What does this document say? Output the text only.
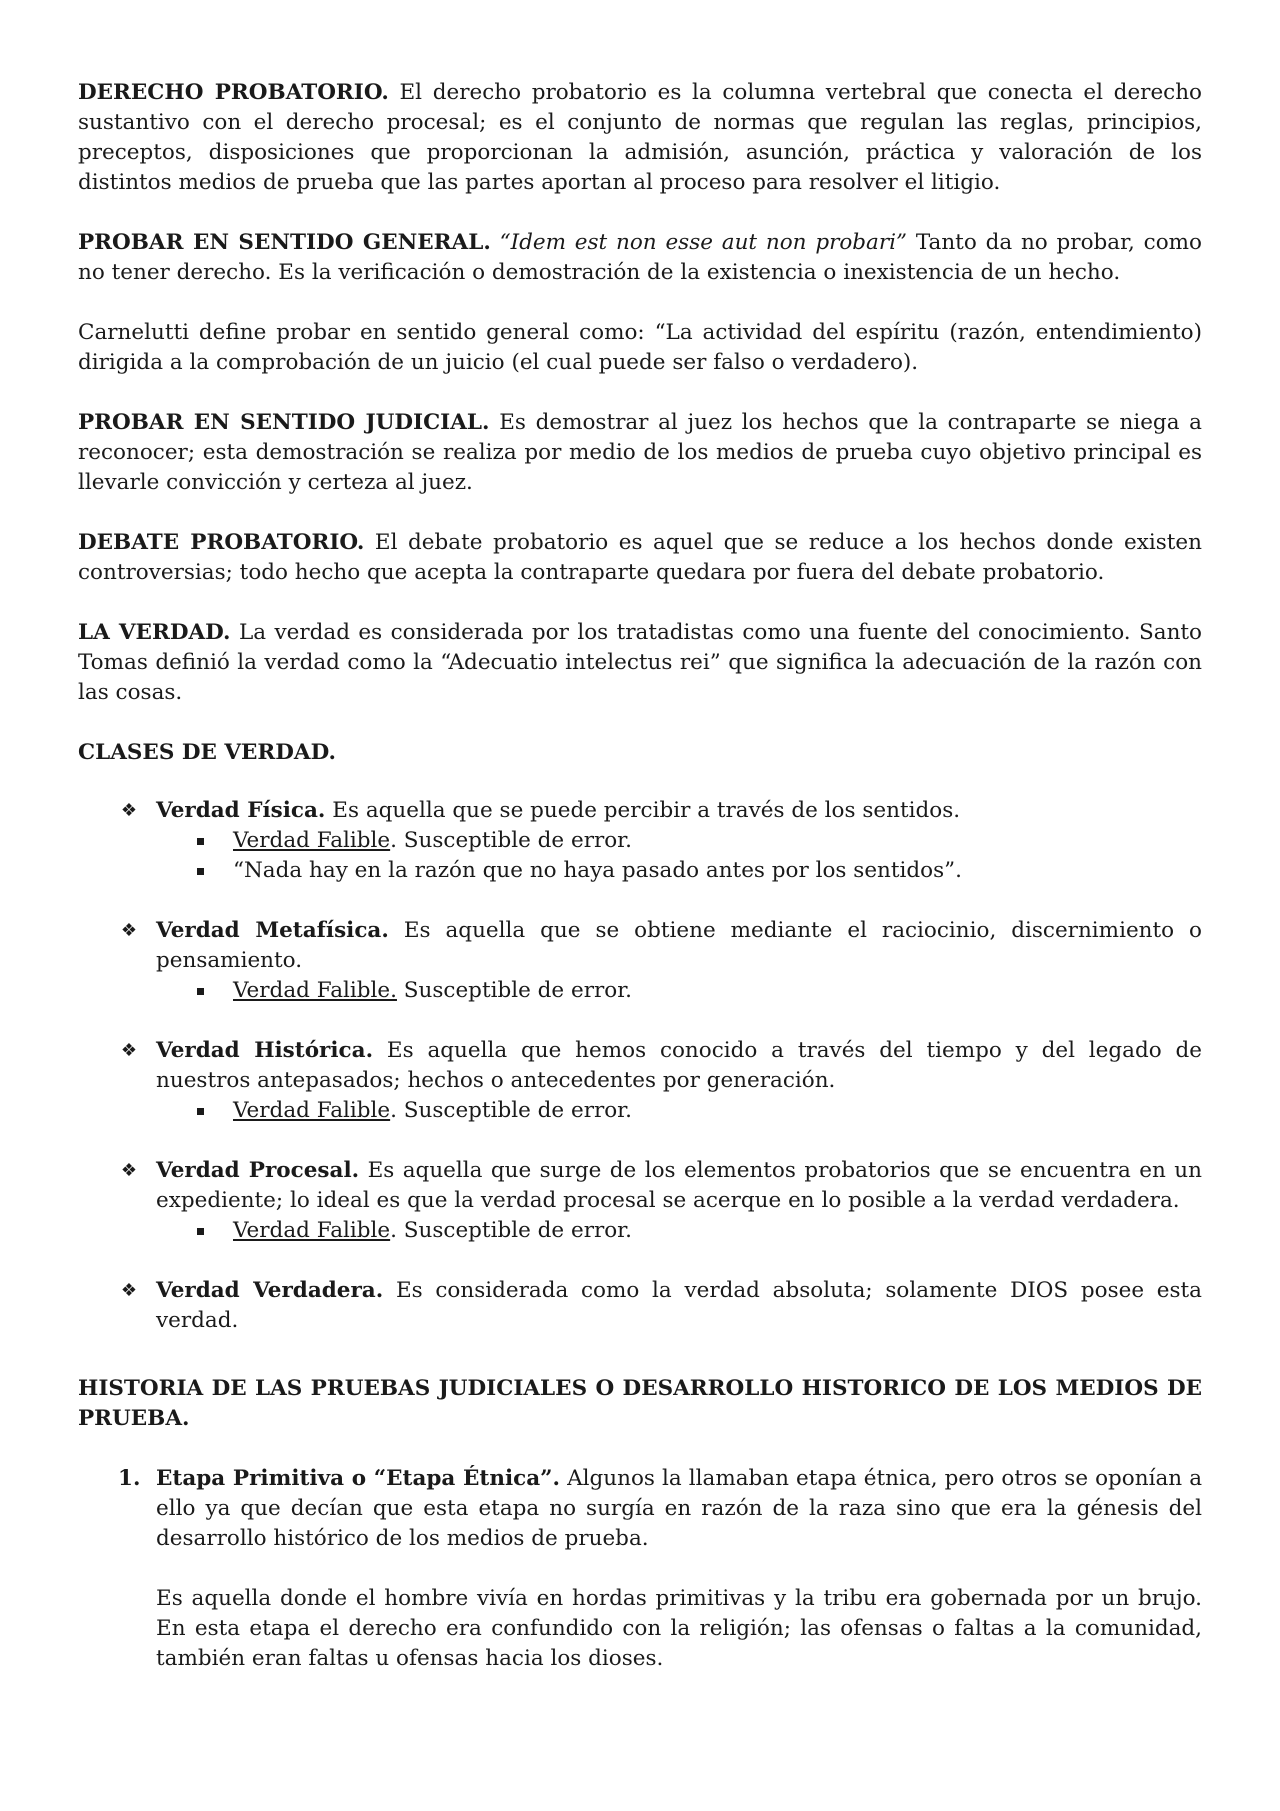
DERECHO PROBATORIO. El derecho probatorio es la columna vertebral que conecta el derecho sustantivo con el derecho procesal; es el conjunto de normas que regulan las reglas, principios, preceptos, disposiciones que proporcionan la admisión, asunción, práctica y valoración de los distintos medios de prueba que las partes aportan al proceso para resolver el litigio.

PROBAR EN SENTIDO GENERAL. “Idem est non esse aut non probari” Tanto da no probar, como no tener derecho. Es la verificación o demostración de la existencia o inexistencia de un hecho.

Carnelutti define probar en sentido general como: “La actividad del espíritu (razón, entendimiento) dirigida a la comprobación de un juicio (el cual puede ser falso o verdadero).

PROBAR EN SENTIDO JUDICIAL. Es demostrar al juez los hechos que la contraparte se niega a reconocer; esta demostración se realiza por medio de los medios de prueba cuyo objetivo principal es llevarle convicción y certeza al juez.

DEBATE PROBATORIO. El debate probatorio es aquel que se reduce a los hechos donde existen controversias; todo hecho que acepta la contraparte quedara por fuera del debate probatorio.

LA VERDAD. La verdad es considerada por los tratadistas como una fuente del conocimiento. Santo Tomas definió la verdad como la “Adecuatio intelectus rei” que significa la adecuación de la razón con las cosas.

CLASES DE VERDAD.

❖ Verdad Física. Es aquella que se puede percibir a través de los sentidos.

Verdad Falible. Susceptible de error.
“Nada hay en la razón que no haya pasado antes por los sentidos”.
❖ Verdad Metafísica. Es aquella que se obtiene mediante el raciocinio, discernimiento o pensamiento.

Verdad Falible. Susceptible de error.
❖ Verdad Histórica. Es aquella que hemos conocido a través del tiempo y del legado de nuestros antepasados; hechos o antecedentes por generación.

Verdad Falible. Susceptible de error.
❖ Verdad Procesal. Es aquella que surge de los elementos probatorios que se encuentra en un expediente; lo ideal es que la verdad procesal se acerque en lo posible a la verdad verdadera.

Verdad Falible. Susceptible de error.
❖ Verdad Verdadera. Es considerada como la verdad absoluta; solamente DIOS posee esta verdad.

HISTORIA DE LAS PRUEBAS JUDICIALES O DESARROLLO HISTORICO DE LOS MEDIOS DE PRUEBA.

1. Etapa Primitiva o “Etapa Étnica”. Algunos la llamaban etapa étnica, pero otros se oponían a ello ya que decían que esta etapa no surgía en razón de la raza sino que era la génesis del desarrollo histórico de los medios de prueba.

Es aquella donde el hombre vivía en hordas primitivas y la tribu era gobernada por un brujo. En esta etapa el derecho era confundido con la religión; las ofensas o faltas a la comunidad, también eran faltas u ofensas hacia los dioses.
